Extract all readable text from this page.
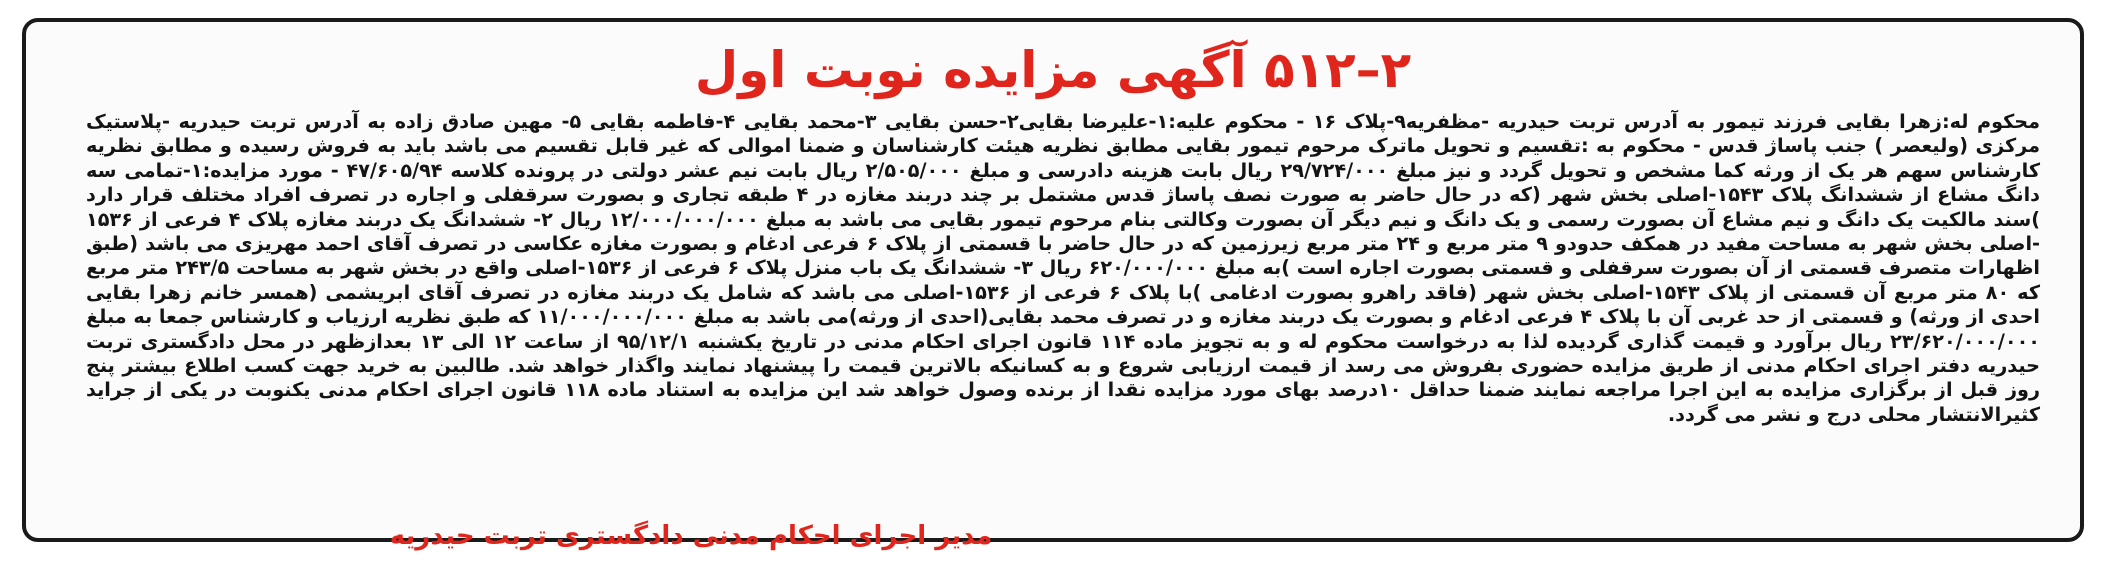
۲–۵۱۲ آگهی مزایده نوبت اول
محکوم له:زهرا بقایی فرزند تیمور به آدرس تربت حیدریه -مظفریه۹-پلاک ۱۶ - محکوم علیه:۱-علیرضا بقایی۲-حسن بقایی ۳-محمد بقایی ۴-فاطمه بقایی ۵- مهین صادق زاده به آدرس تربت حیدریه -پلاستیک مرکزی (ولیعصر ) جنب پاساژ قدس - محکوم به :تقسیم و تحویل ماترک مرحوم تیمور بقایی مطابق نظریه هیئت کارشناسان و ضمنا اموالی که غیر قابل تقسیم می باشد باید به فروش رسیده و مطابق نظریه کارشناس سهم هر یک از ورثه کما مشخص و تحویل گردد و نیز مبلغ ۲۹/۷۲۴/۰۰۰ ریال بابت هزینه دادرسی و مبلغ ۲/۵۰۵/۰۰۰ ریال بابت نیم عشر دولتی در پرونده کلاسه ۴۷/۶۰۵/۹۴ - مورد مزایده:۱-تمامی سه دانگ مشاع از ششدانگ پلاک ۱۵۴۳-اصلی بخش شهر (که در حال حاضر به صورت نصف پاساژ قدس مشتمل بر چند دربند مغازه در ۴ طبقه تجاری و بصورت سرقفلی و اجاره در تصرف افراد مختلف قرار دارد )سند مالکیت یک دانگ و نیم مشاع آن بصورت رسمی و یک دانگ و نیم دیگر آن بصورت وکالتی بنام مرحوم تیمور بقایی می باشد به مبلغ ۱۲/۰۰۰/۰۰۰/۰۰۰ ریال ۲- ششدانگ یک دربند مغازه پلاک ۴ فرعی از ۱۵۳۶ -اصلی بخش شهر به مساحت مفید در همکف حدودو ۹ متر مربع و ۲۴ متر مربع زیرزمین که در حال حاضر با قسمتی از پلاک ۶ فرعی ادغام و بصورت مغازه عکاسی در تصرف آقای احمد مهریزی می باشد (طبق اظهارات متصرف قسمتی از آن بصورت سرقفلی و قسمتی بصورت اجاره است )به مبلغ ۶۲۰/۰۰۰/۰۰۰ ریال ۳- ششدانگ یک باب منزل پلاک ۶ فرعی از ۱۵۳۶-اصلی واقع در بخش شهر به مساحت ۲۴۳/۵ متر مربع که ۸۰ متر مربع آن قسمتی از پلاک ۱۵۴۳-اصلی بخش شهر (فاقد راهرو بصورت ادغامی )با پلاک ۶ فرعی از ۱۵۳۶-اصلی می باشد که شامل یک دربند مغازه در تصرف آقای ابریشمی (همسر خانم زهرا بقایی احدی از ورثه) و قسمتی از حد غربی آن با پلاک ۴ فرعی ادغام و بصورت یک دربند مغازه و در تصرف محمد بقایی(احدی از ورثه)می باشد به مبلغ ۱۱/۰۰۰/۰۰۰/۰۰۰ که طبق نظریه ارزیاب و کارشناس جمعا به مبلغ ۲۳/۶۲۰/۰۰۰/۰۰۰ ریال برآورد و قیمت گذاری گردیده لذا به درخواست محکوم له و به تجویز ماده ۱۱۴ قانون اجرای احکام مدنی در تاریخ یکشنبه ۹۵/۱۲/۱ از ساعت ۱۲ الی ۱۳ بعدازظهر در محل دادگستری تربت حیدریه دفتر اجرای احکام مدنی از طریق مزایده حضوری بفروش می رسد از قیمت ارزیابی شروع و به کسانیکه بالاترین قیمت را پیشنهاد نمایند واگذار خواهد شد. طالبین به خرید جهت کسب اطلاع بیشتر پنج روز قبل از برگزاری مزایده به این اجرا مراجعه نمایند ضمنا حداقل ۱۰درصد بهای مورد مزایده نقدا از برنده وصول خواهد شد این مزایده به استناد ماده ۱۱۸ قانون اجرای احکام مدنی یکنوبت در یکی از جراید کثیرالانتشار محلی درج و نشر می گردد.
مدیر اجرای احکام مدنی دادگستری تربت حیدریه
